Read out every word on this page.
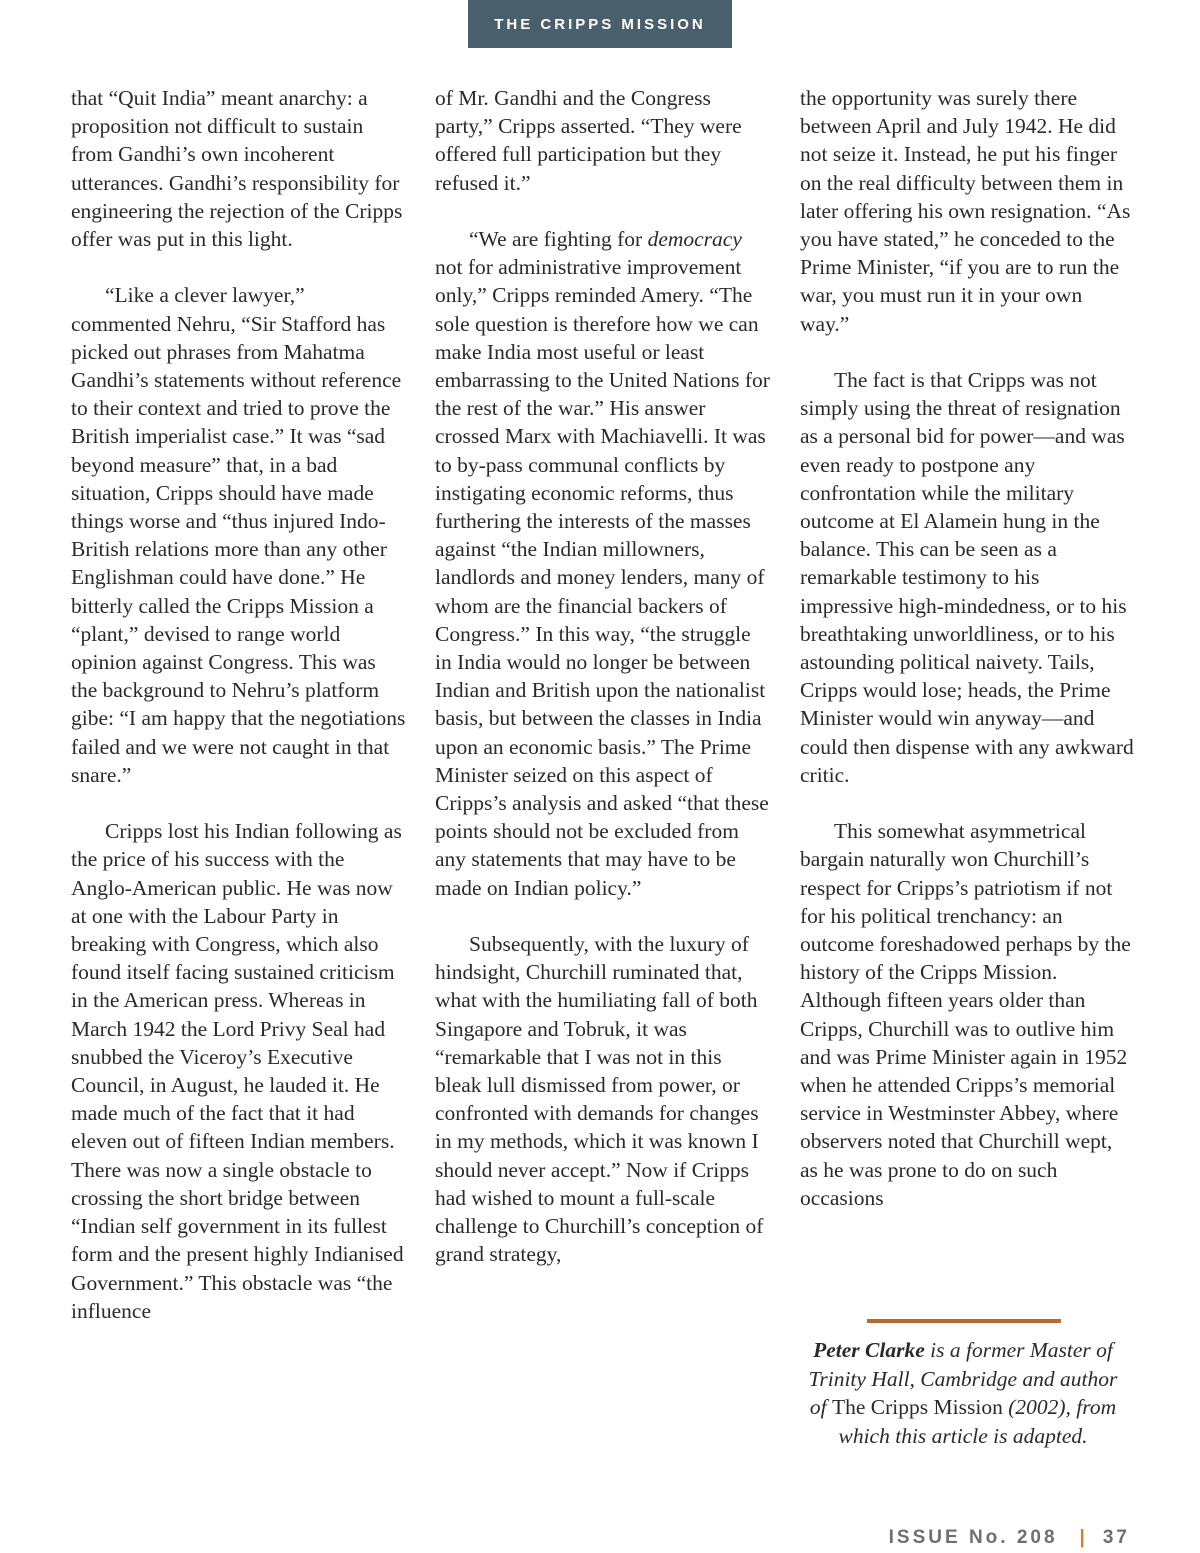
THE CRIPPS MISSION

that “Quit India” meant anarchy: a proposition not difficult to sustain from Gandhi’s own incoherent utterances. Gandhi’s responsibility for engineering the rejection of the Cripps offer was put in this light.

“Like a clever lawyer,” commented Nehru, “Sir Stafford has picked out phrases from Mahatma Gandhi’s statements without reference to their context and tried to prove the British imperialist case.” It was “sad beyond measure” that, in a bad situation, Cripps should have made things worse and “thus injured Indo-British relations more than any other Englishman could have done.” He bitterly called the Cripps Mission a “plant,” devised to range world opinion against Congress. This was the background to Nehru’s platform gibe: “I am happy that the negotiations failed and we were not caught in that snare.”

Cripps lost his Indian following as the price of his success with the Anglo-American public. He was now at one with the Labour Party in breaking with Congress, which also found itself facing sustained criticism in the American press. Whereas in March 1942 the Lord Privy Seal had snubbed the Viceroy’s Executive Council, in August, he lauded it. He made much of the fact that it had eleven out of fifteen Indian members. There was now a single obstacle to crossing the short bridge between “Indian self government in its fullest form and the present highly Indianised Government.” This obstacle was “the influence

of Mr. Gandhi and the Congress party,” Cripps asserted. “They were offered full participation but they refused it.”

“We are fighting for democracy not for administrative improvement only,” Cripps reminded Amery. “The sole question is therefore how we can make India most useful or least embarrassing to the United Nations for the rest of the war.” His answer crossed Marx with Machiavelli. It was to by-pass communal conflicts by instigating economic reforms, thus furthering the interests of the masses against “the Indian millowners, landlords and money lenders, many of whom are the financial backers of Congress.” In this way, “the struggle in India would no longer be between Indian and British upon the nationalist basis, but between the classes in India upon an economic basis.” The Prime Minister seized on this aspect of Cripps’s analysis and asked “that these points should not be excluded from any statements that may have to be made on Indian policy.”

Subsequently, with the luxury of hindsight, Churchill ruminated that, what with the humiliating fall of both Singapore and Tobruk, it was “remarkable that I was not in this bleak lull dismissed from power, or confronted with demands for changes in my methods, which it was known I should never accept.” Now if Cripps had wished to mount a full-scale challenge to Churchill’s conception of grand strategy,

the opportunity was surely there between April and July 1942. He did not seize it. Instead, he put his finger on the real difficulty between them in later offering his own resignation. “As you have stated,” he conceded to the Prime Minister, “if you are to run the war, you must run it in your own way.”

The fact is that Cripps was not simply using the threat of resignation as a personal bid for power—and was even ready to postpone any confrontation while the military outcome at El Alamein hung in the balance. This can be seen as a remarkable testimony to his impressive high-mindedness, or to his breathtaking unworldliness, or to his astounding political naivety. Tails, Cripps would lose; heads, the Prime Minister would win anyway—and could then dispense with any awkward critic.

This somewhat asymmetrical bargain naturally won Churchill’s respect for Cripps’s patriotism if not for his political trenchancy: an outcome foreshadowed perhaps by the history of the Cripps Mission. Although fifteen years older than Cripps, Churchill was to outlive him and was Prime Minister again in 1952 when he attended Cripps’s memorial service in Westminster Abbey, where observers noted that Churchill wept, as he was prone to do on such occasions

Peter Clarke is a former Master of Trinity Hall, Cambridge and author of The Cripps Mission (2002), from which this article is adapted.
ISSUE No. 208 | 37
